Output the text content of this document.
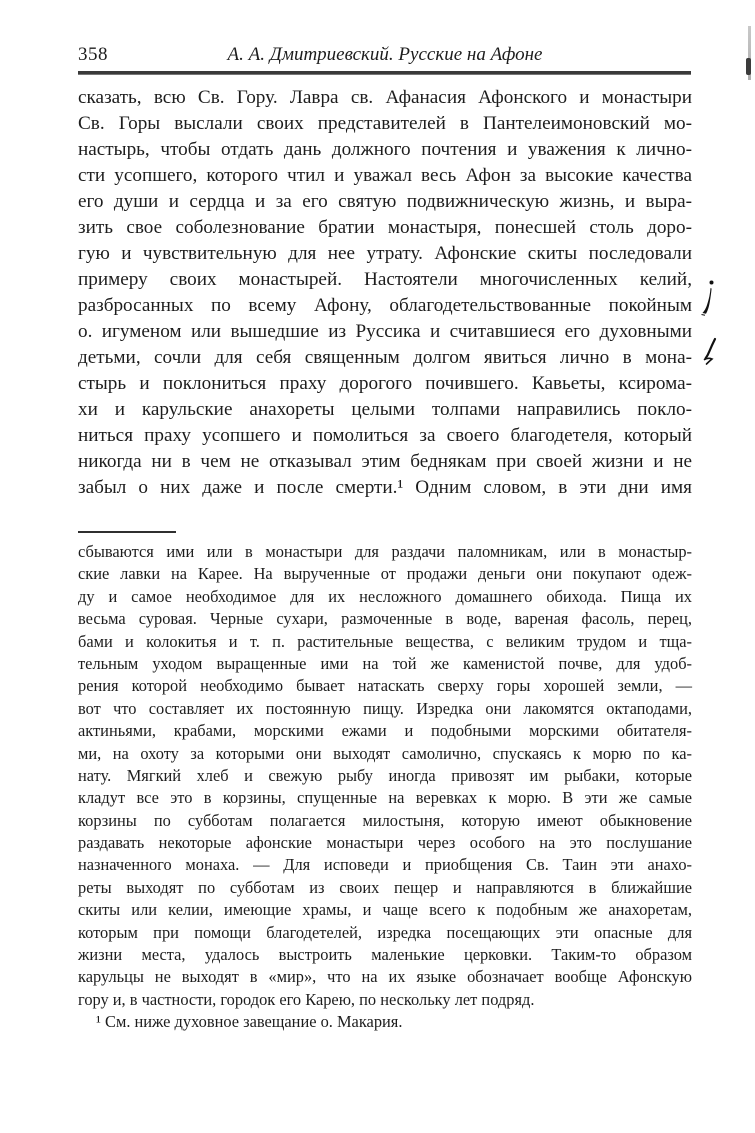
358	А. А. Дмитриевский. Русские на Афоне
сказать, всю Св. Гору. Лавра св. Афанасия Афонского и монастыри
Св. Горы выслали своих представителей в Пантелеимоновский мо-
настырь, чтобы отдать дань должного почтения и уважения к лично-
сти усопшего, которого чтил и уважал весь Афон за высокие качества
его души и сердца и за его святую подвижническую жизнь, и выра-
зить свое соболезнование братии монастыря, понесшей столь доро-
гую и чувствительную для нее утрату. Афонские скиты последовали
примеру своих монастырей. Настоятели многочисленных келий,
разбросанных по всему Афону, облагодетельствованные покойным
о. игуменом или вышедшие из Руссика и считавшиеся его духовными
детьми, сочли для себя священным долгом явиться лично в мона-
стырь и поклониться праху дорогого почившего. Кавьеты, ксирома-
хи и карульские анахореты целыми толпами направились покло-
ниться праху усопшего и помолиться за своего благодетеля, который
никогда ни в чем не отказывал этим беднякам при своей жизни и не
забыл о них даже и после смерти.¹ Одним словом, в эти дни имя
сбываются ими или в монастыри для раздачи паломникам, или в монастыр-
ские лавки на Карее. На вырученные от продажи деньги они покупают одеж-
ду и самое необходимое для их несложного домашнего обихода. Пища их
весьма суровая. Черные сухари, размоченные в воде, вареная фасоль, перец,
бами и колокитья и т. п. растительные вещества, с великим трудом и тща-
тельным уходом выращенные ими на той же каменистой почве, для удоб-
рения которой необходимо бывает натаскать сверху горы хорошей земли, —
вот что составляет их постоянную пищу. Изредка они лакомятся октаподами,
актиньями, крабами, морскими ежами и подобными морскими обитателя-
ми, на охоту за которыми они выходят самолично, спускаясь к морю по ка-
нату. Мягкий хлеб и свежую рыбу иногда привозят им рыбаки, которые
кладут все это в корзины, спущенные на веревках к морю. В эти же самые
корзины по субботам полагается милостыня, которую имеют обыкновение
раздавать некоторые афонские монастыри через особого на это послушание
назначенного монаха. — Для исповеди и приобщения Св. Таин эти анахо-
реты выходят по субботам из своих пещер и направляются в ближайшие
скиты или келии, имеющие храмы, и чаще всего к подобным же анахоретам,
которым при помощи благодетелей, изредка посещающих эти опасные для
жизни места, удалось выстроить маленькие церковки. Таким-то образом
карульцы не выходят в «мир», что на их языке обозначает вообще Афонскую
гору и, в частности, городок его Карею, по нескольку лет подряд.
¹ См. ниже духовное завещание о. Макария.
